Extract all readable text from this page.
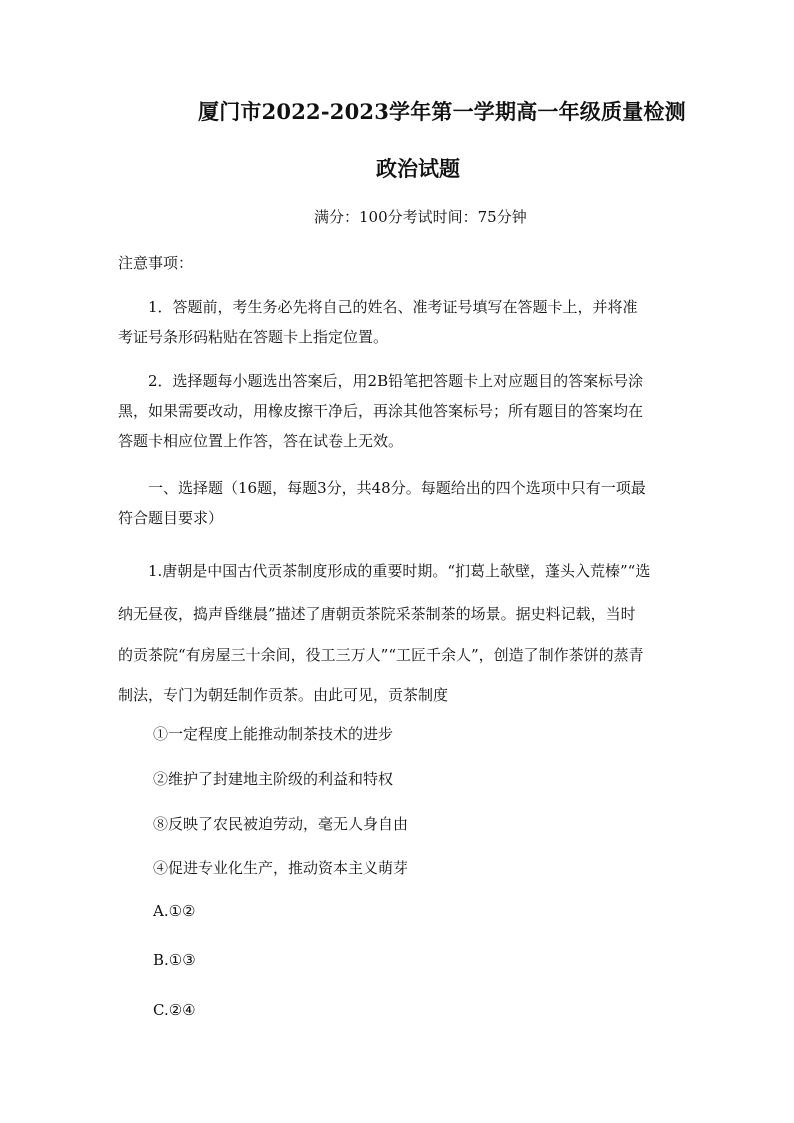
厦门市2022-2023学年第一学期高一年级质量检测
政治试题
满分：100分考试时间：75分钟
注意事项：
1．答题前，考生务必先将自己的姓名、准考证号填写在答题卡上，并将准
考证号条形码粘贴在答题卡上指定位置。
2．选择题每小题选出答案后，用2B铅笔把答题卡上对应题目的答案标号涂
黑，如果需要改动，用橡皮擦干净后，再涂其他答案标号；所有题目的答案均在
答题卡相应位置上作答，答在试卷上无效。
一、选择题（16题，每题3分，共48分。每题给出的四个选项中只有一项最
符合题目要求）
1.唐朝是中国古代贡茶制度形成的重要时期。“扪葛上欹壁，蓬头入荒榛”“选
纳无昼夜，捣声昏继晨”描述了唐朝贡茶院采茶制茶的场景。据史料记载，当时
的贡茶院“有房屋三十余间，役工三万人”“工匠千余人”，创造了制作茶饼的蒸青
制法，专门为朝廷制作贡茶。由此可见，贡茶制度
①一定程度上能推动制茶技术的进步
②维护了封建地主阶级的利益和特权
⑧反映了农民被迫劳动，毫无人身自由
④促进专业化生产，推动资本主义萌芽
A.①②
B.①③
C.②④
